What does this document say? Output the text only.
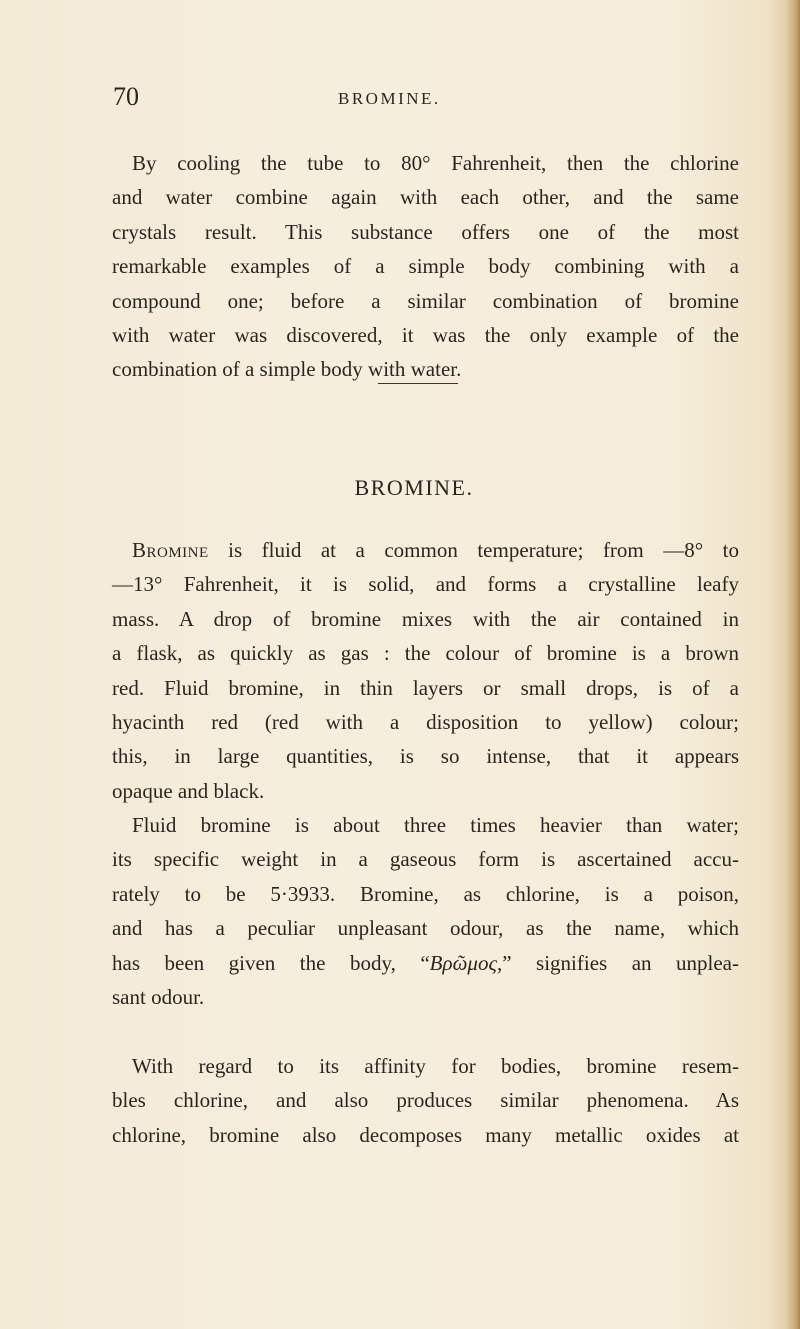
70	BROMINE.

By cooling the tube to 80° Fahrenheit, then the chlorine
and water combine again with each other, and the same
crystals result. This substance offers one of the most
remarkable examples of a simple body combining with a
compound one; before a similar combination of bromine
with water was discovered, it was the only example of the
combination of a simple body with water.

BROMINE.

Bromine is fluid at a common temperature; from —8° to
—13° Fahrenheit, it is solid, and forms a crystalline leafy
mass. A drop of bromine mixes with the air contained in
a flask, as quickly as gas : the colour of bromine is a brown
red. Fluid bromine, in thin layers or small drops, is of a
hyacinth red (red with a disposition to yellow) colour;
this, in large quantities, is so intense, that it appears
opaque and black.

Fluid bromine is about three times heavier than water;
its specific weight in a gaseous form is ascertained accu-
rately to be 5·3933. Bromine, as chlorine, is a poison,
and has a peculiar unpleasant odour, as the name, which
has been given the body, “Βρῶμος,” signifies an unplea-
sant odour.

With regard to its affinity for bodies, bromine resem-
bles chlorine, and also produces similar phenomena. As
chlorine, bromine also decomposes many metallic oxides at
